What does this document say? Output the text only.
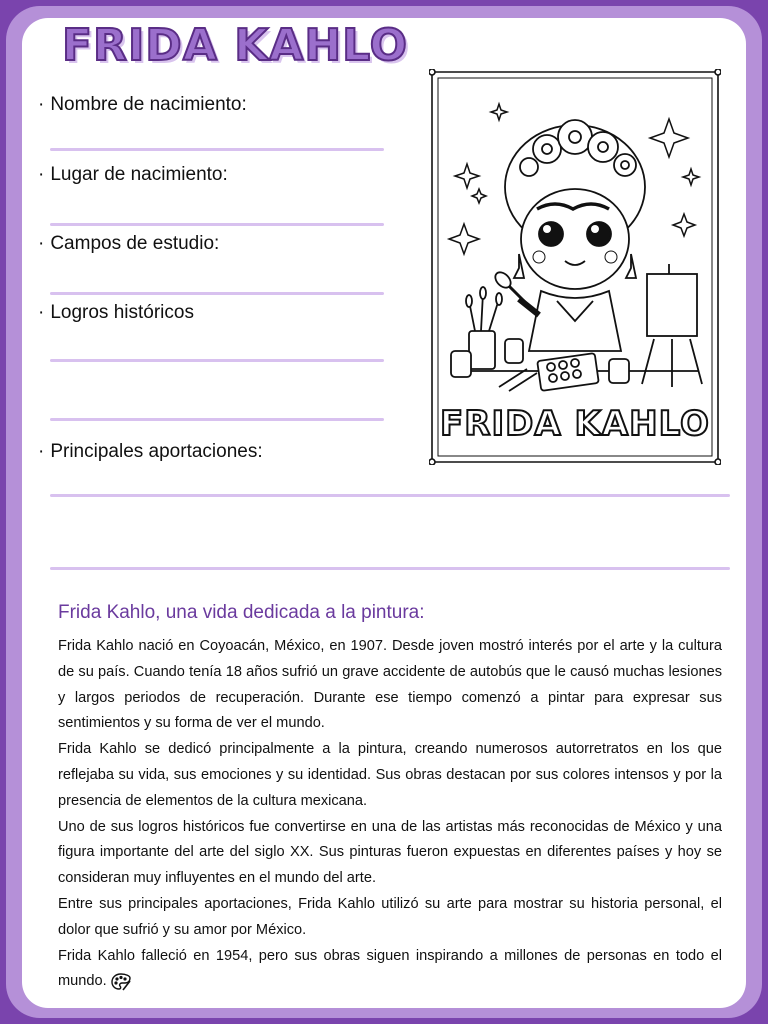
FRIDA KAHLO
· Nombre de nacimiento:
· Lugar de nacimiento:
· Campos de estudio:
· Logros históricos
· Principales aportaciones:
FRIDA KAHLO
Frida Kahlo, una vida dedicada a la pintura:

Frida Kahlo nació en Coyoacán, México, en 1907. Desde joven mostró interés por el arte y la cultura de su país. Cuando tenía 18 años sufrió un grave accidente de autobús que le causó muchas lesiones y largos periodos de recuperación. Durante ese tiempo comenzó a pintar para expresar sus sentimientos y su forma de ver el mundo.

Frida Kahlo se dedicó principalmente a la pintura, creando numerosos autorretratos en los que reflejaba su vida, sus emociones y su identidad. Sus obras destacan por sus colores intensos y por la presencia de elementos de la cultura mexicana.

Uno de sus logros históricos fue convertirse en una de las artistas más reconocidas de México y una figura importante del arte del siglo XX. Sus pinturas fueron expuestas en diferentes países y hoy se consideran muy influyentes en el mundo del arte.

Entre sus principales aportaciones, Frida Kahlo utilizó su arte para mostrar su historia personal, el dolor que sufrió y su amor por México.

Frida Kahlo falleció en 1954, pero sus obras siguen inspirando a millones de personas en todo el mundo.
